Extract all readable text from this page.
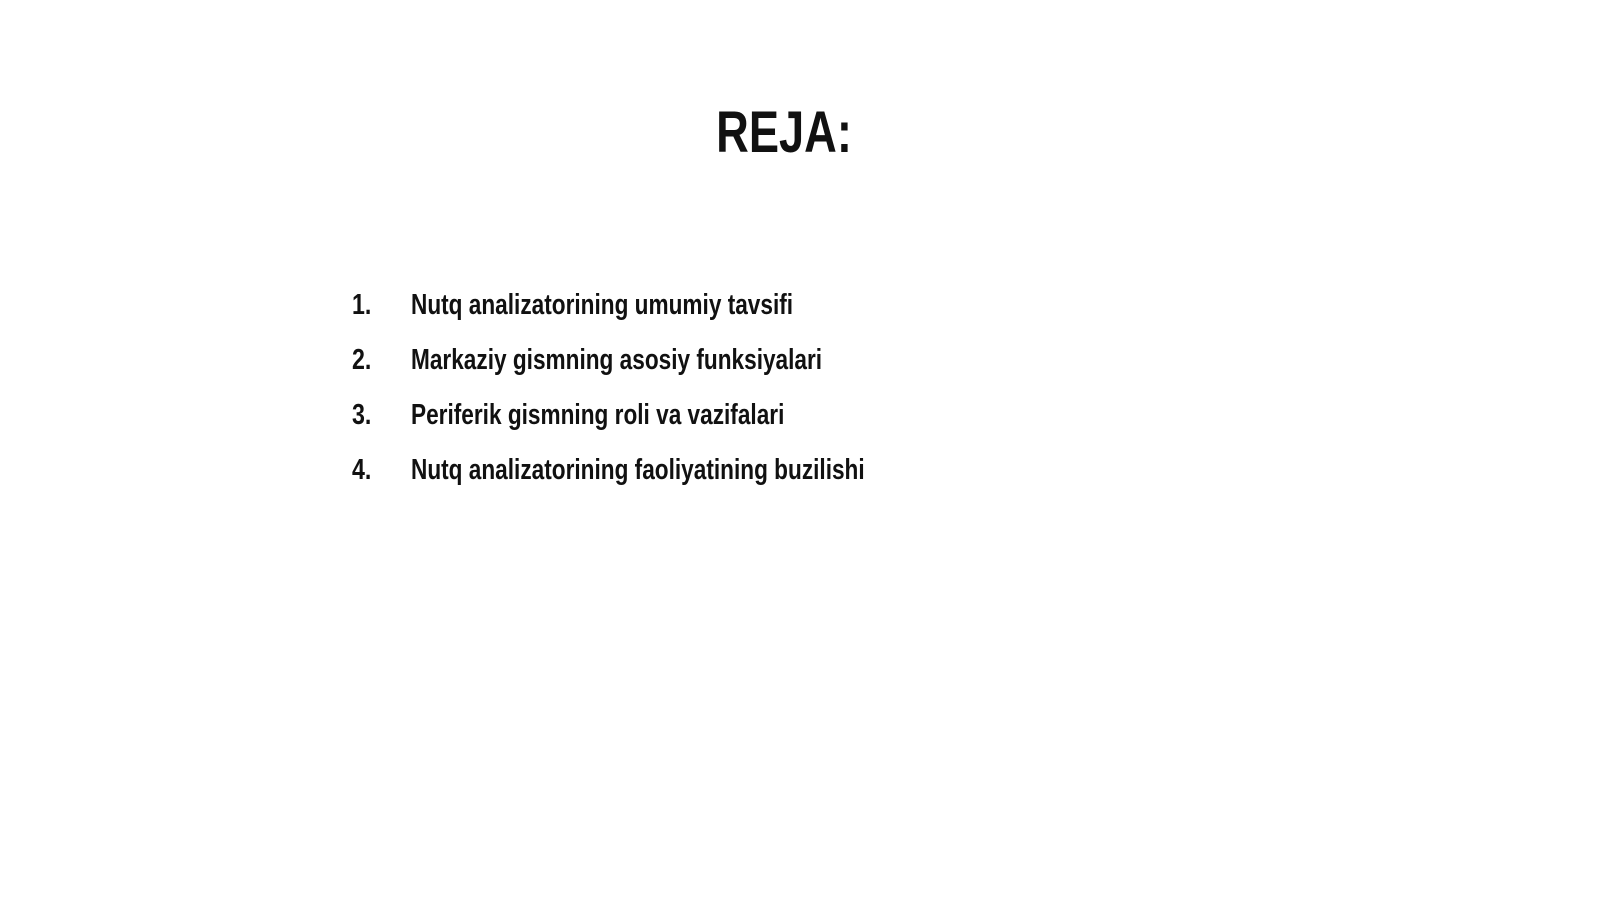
REJA:
1. Nutq analizatorining umumiy tavsifi
2. Markaziy gismning asosiy funksiyalari
3. Periferik gismning roli va vazifalari
4. Nutq analizatorining faoliyatining buzilishi
